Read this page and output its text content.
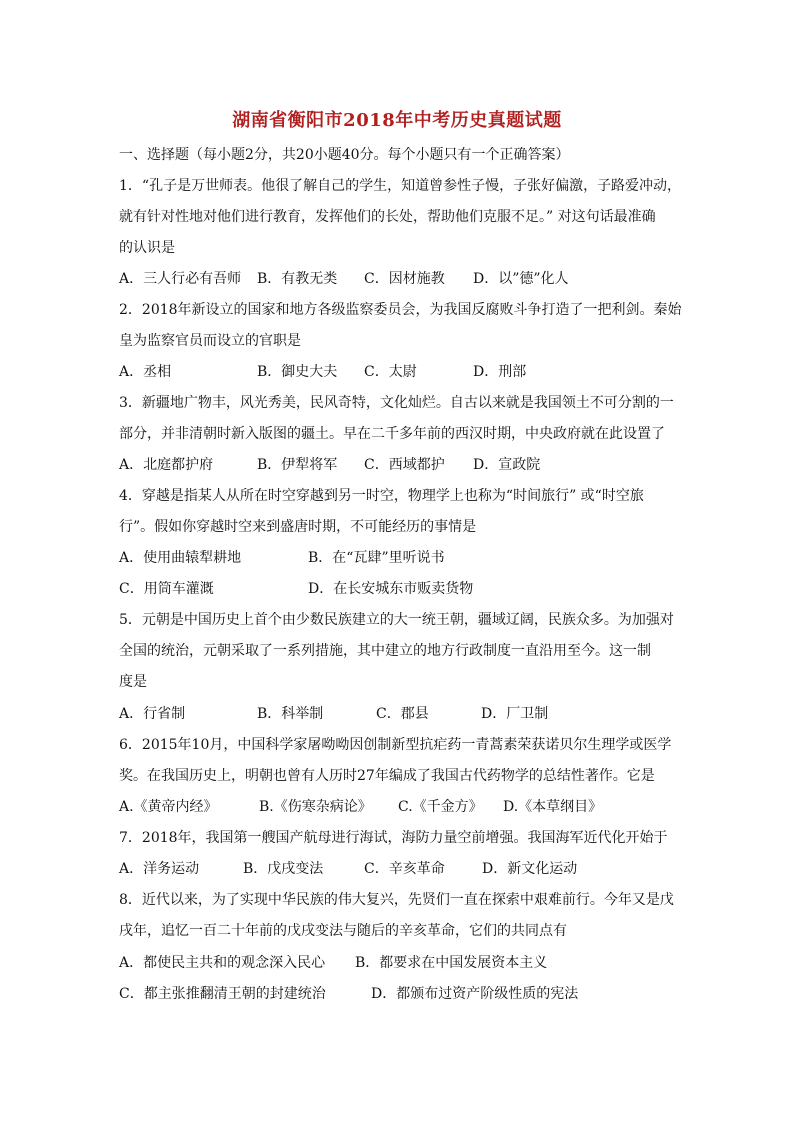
湖南省衡阳市2018年中考历史真题试题
一、选择题（每小题2分，共20小题40分。每个小题只有一个正确答案）
1．“孔子是万世师表。他很了解自己的学生，知道曾参性子慢，子张好偏激，子路爱冲动，
就有针对性地对他们进行教育，发挥他们的长处，帮助他们克服不足。” 对这句话最准确
的认识是
A．三人行必有吾师 B．有教无类 C．因材施教 D．以”德”化人
2．2018年新设立的国家和地方各级监察委员会，为我国反腐败斗争打造了一把利剑。秦始
皇为监察官员而设立的官职是
A．丞相	B．御史大夫 C．太尉	D．刑部
3．新疆地广物丰，风光秀美，民风奇特，文化灿烂。自古以来就是我国领土不可分割的一
部分，并非清朝时新入版图的疆土。早在二千多年前的西汉时期，中央政府就在此设置了
A．北庭都护府	B．伊犁将军 C．西域都护 D．宣政院
4．穿越是指某人从所在时空穿越到另一时空，物理学上也称为“时间旅行” 或“时空旅
行”。假如你穿越时空来到盛唐时期，不可能经历的事情是
A．使用曲辕犁耕地	B．在“瓦肆”里听说书
C．用筒车灌溉	D．在长安城东市贩卖货物
5．元朝是中国历史上首个由少数民族建立的大一统王朝，疆域辽阔，民族众多。为加强对
全国的统治，元朝采取了一系列措施，其中建立的地方行政制度一直沿用至今。这一制
度是
A．行省制	B．科举制	C．郡县	D．厂卫制
6．2015年10月，中国科学家屠呦呦因创制新型抗疟药一青蒿素荣获诺贝尔生理学或医学
奖。在我国历史上，明朝也曾有人历时27年编成了我国古代药物学的总结性著作。它是
A.《黄帝内经》	B.《伤寒杂病论》 C.《千金方》 D.《本草纲目》
7．2018年，我国第一艘国产航母进行海试，海防力量空前增强。我国海军近代化开始于
A．洋务运动	B．戊戌变法	C．辛亥革命	D．新文化运动
8．近代以来，为了实现中华民族的伟大复兴，先贤们一直在探索中艰难前行。今年又是戊
戌年，追忆一百二十年前的戊戌变法与随后的辛亥革命，它们的共同点有
A．都使民主共和的观念深入民心 B．都要求在中国发展资本主义
C．都主张推翻清王朝的封建统治	D．都颁布过资产阶级性质的宪法
